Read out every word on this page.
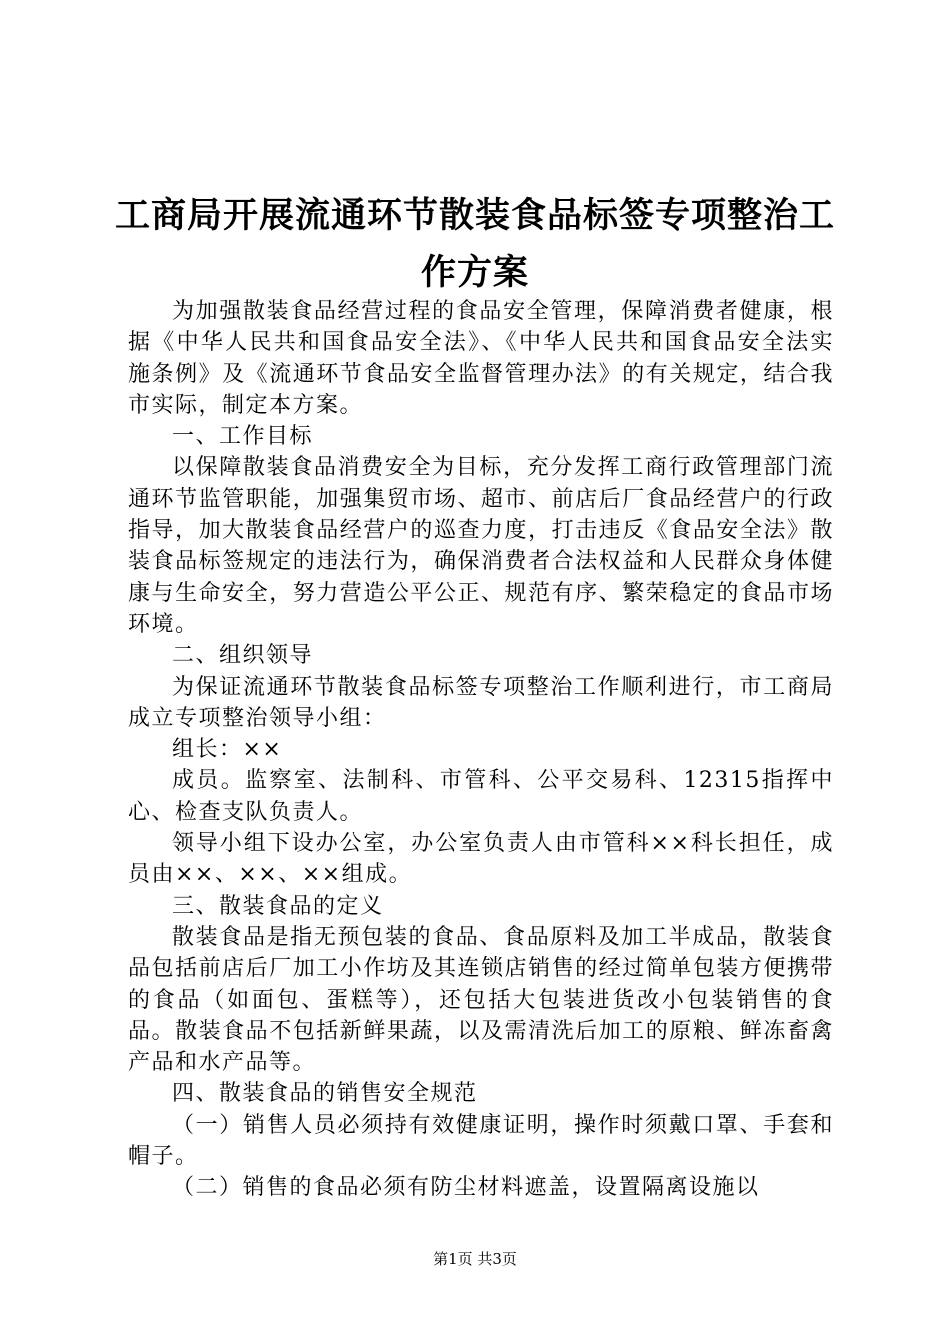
工商局开展流通环节散装食品标签专项整治工
作方案

为加强散装食品经营过程的食品安全管理，保障消费者健康，根据《中华人民共和国食品安全法》、《中华人民共和国食品安全法实施条例》及《流通环节食品安全监督管理办法》的有关规定，结合我市实际，制定本方案。

一、工作目标

以保障散装食品消费安全为目标，充分发挥工商行政管理部门流通环节监管职能，加强集贸市场、超市、前店后厂食品经营户的行政指导，加大散装食品经营户的巡查力度，打击违反《食品安全法》散装食品标签规定的违法行为，确保消费者合法权益和人民群众身体健康与生命安全，努力营造公平公正、规范有序、繁荣稳定的食品市场环境。

二、组织领导

为保证流通环节散装食品标签专项整治工作顺利进行，市工商局成立专项整治领导小组：

组长：××

成员。监察室、法制科、市管科、公平交易科、12315指挥中心、检查支队负责人。

领导小组下设办公室，办公室负责人由市管科××科长担任，成员由××、××、××组成。

三、散装食品的定义

散装食品是指无预包装的食品、食品原料及加工半成品，散装食品包括前店后厂加工小作坊及其连锁店销售的经过简单包装方便携带的食品（如面包、蛋糕等），还包括大包装进货改小包装销售的食品。散装食品不包括新鲜果蔬，以及需清洗后加工的原粮、鲜冻畜禽产品和水产品等。

四、散装食品的销售安全规范

（一）销售人员必须持有效健康证明，操作时须戴口罩、手套和帽子。

（二）销售的食品必须有防尘材料遮盖，设置隔离设施以

第1页 共3页
